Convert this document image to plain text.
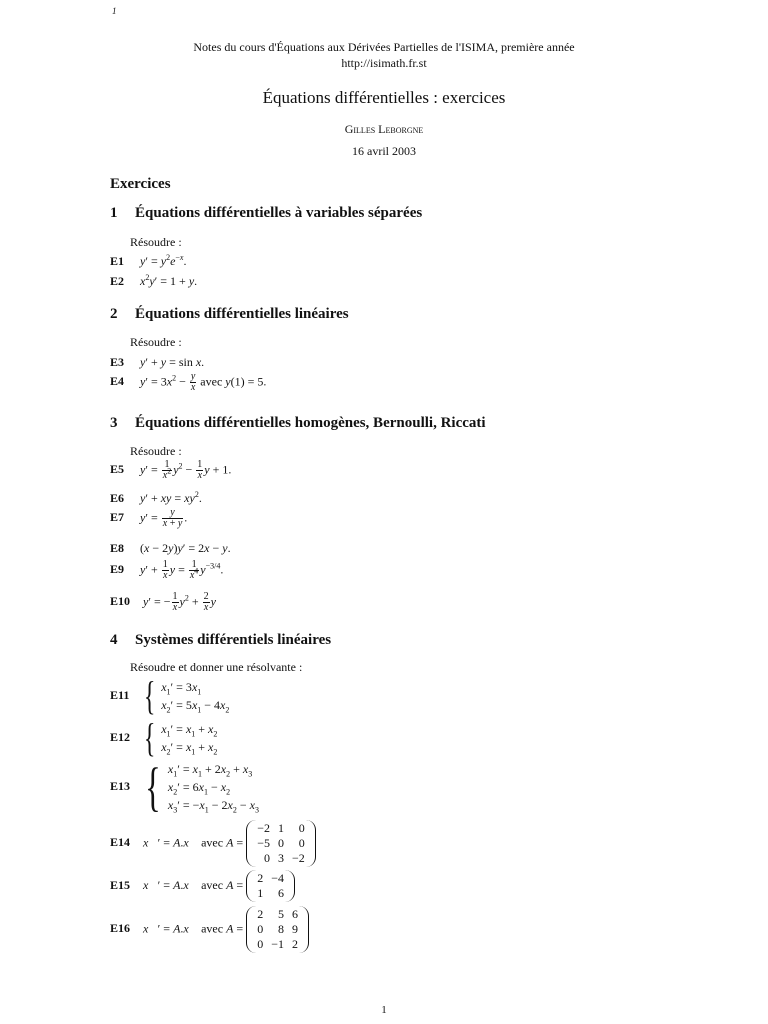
1
Notes du cours d'Équations aux Dérivées Partielles de l'ISIMA, première année
http://isimath.fr.st
Équations différentielles : exercices
Gilles Leborgne
16 avril 2003
Exercices
1 Équations différentielles à variables séparées
Résoudre :
E1 $y' = y^2e^{-x}$.
E2 $x^2y' = 1 + y$.
2 Équations différentielles linéaires
Résoudre :
E3 y′ + y = sin x.
E4 $y' = 3x^2 - \frac{y}{x}$ avec y(1) = 5.
3 Équations différentielles homogènes, Bernoulli, Riccati
Résoudre :
E5 $y' = \frac{1}{x^2} y^2 - \frac{1}{x}$ y + 1.
E6 y′ + xy = $xy^2$.
E7 $y' = \frac{y}{x + y}$ .
E8 (x − 2y)y′ = 2x − y.
E9 $y' + \frac{1}{x}$ $y = \frac{1}{x^4} y^{-3/4}$.
E10 y′ = − $\frac{1}{x} y^2 + \frac{2}{x}$ y
4 Systèmes différentiels linéaires
Résoudre et donner une résolvante :
E11 { $x_1' = 3x_1$
$x_2' = 5x_1 - 4x_2$
E12 { $x_1' = x_1 + x_2$
$x_2' = x_1 + x_2$
E13 { $x_1' = x_1 + 2x_2 + x_3$
$x_2' = 6x_1 - x_2$
$x_3' = -x_1 - 2x_2 - x_3$
E14 x⃗′ = A.x⃗ avec A =
−2	1	0
−5	0	0
0	3	−2
E15 x⃗′ = A.x⃗ avec A = 2	−4
1	6
E16 x⃗′ = A.x⃗ avec A =
2	5	6
0	8	9
0	−1	2
1
